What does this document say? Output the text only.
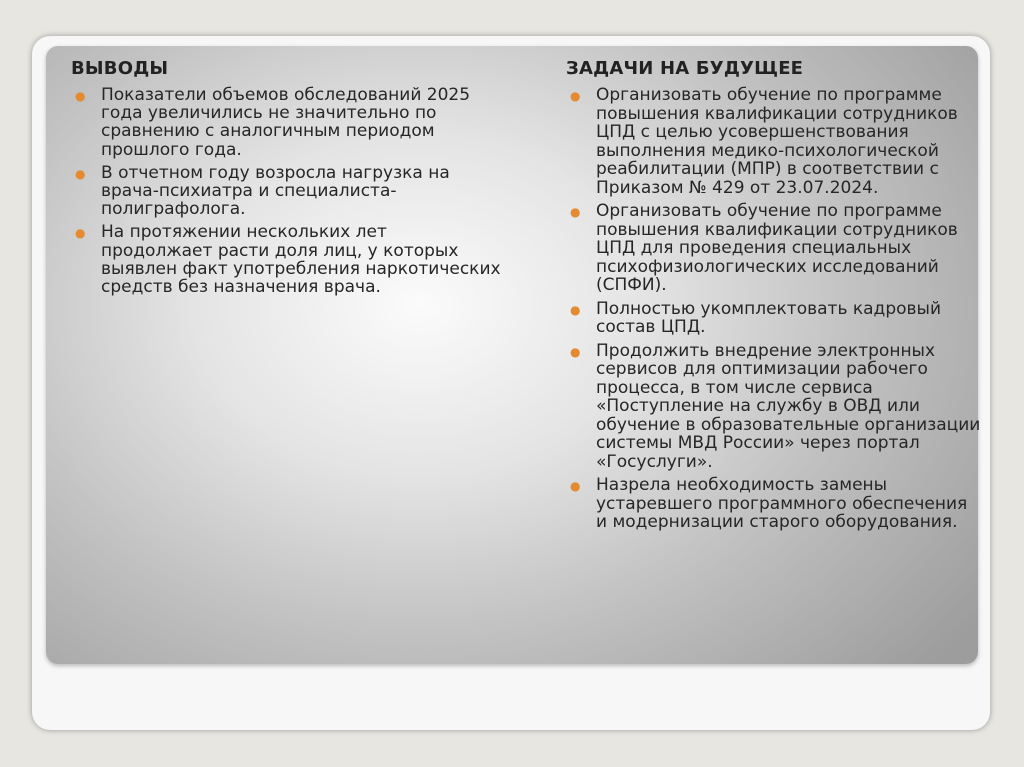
ВЫВОДЫ
● Показатели объемов обследований 2025 года увеличились не значительно по сравнению с аналогичным периодом прошлого года.
● В отчетном году возросла нагрузка на врача-психиатра и специалиста-полиграфолога.
● На протяжении нескольких лет продолжает расти доля лиц, у которых выявлен факт употребления наркотических средств без назначения врача.
ЗАДАЧИ НА БУДУЩЕЕ
● Организовать обучение по программе повышения квалификации сотрудников ЦПД с целью усовершенствования выполнения медико-психологической реабилитации (МПР) в соответствии с Приказом № 429 от 23.07.2024.
● Организовать обучение по программе повышения квалификации сотрудников ЦПД для проведения специальных психофизиологических исследований (СПФИ).
● Полностью укомплектовать кадровый состав ЦПД.
● Продолжить внедрение электронных сервисов для оптимизации рабочего процесса, в том числе сервиса «Поступление на службу в ОВД или обучение в образовательные организации системы МВД России» через портал «Госуслуги».
● Назрела необходимость замены устаревшего программного обеспечения и модернизации старого оборудования.
